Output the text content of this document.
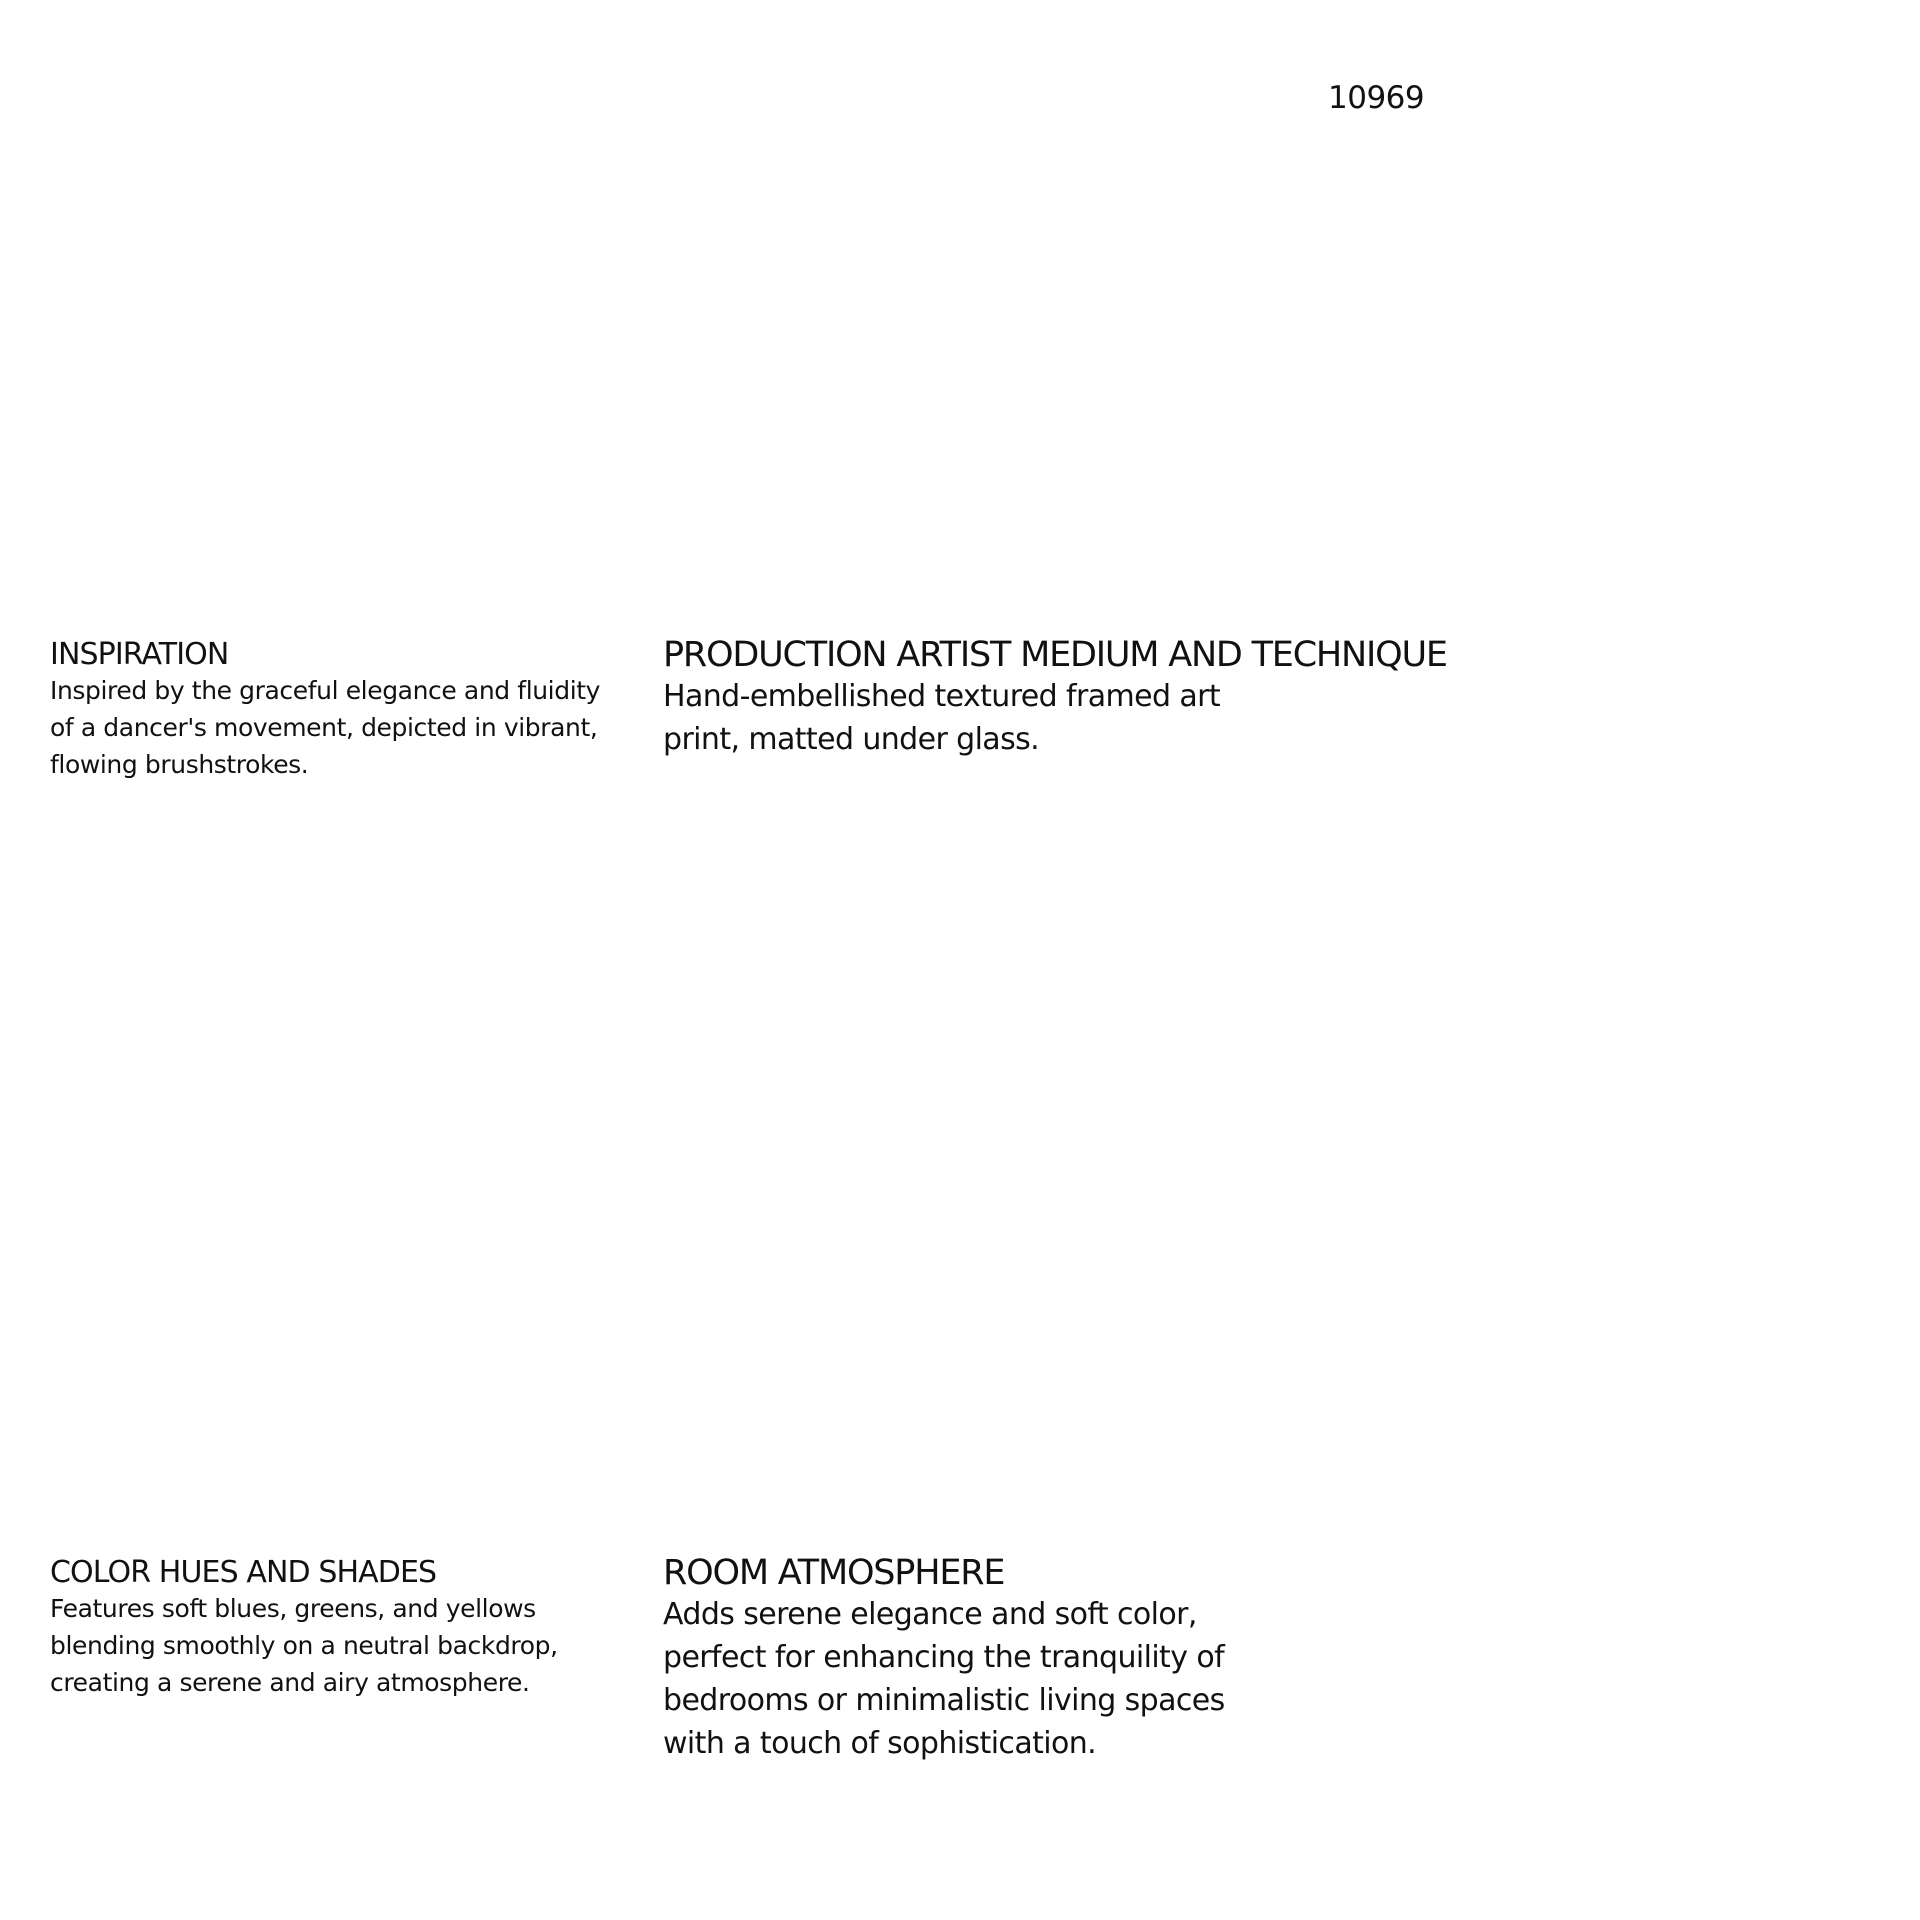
10969
INSPIRATION

Inspired by the graceful elegance and fluidity
of a dancer's movement, depicted in vibrant,
flowing brushstrokes.

PRODUCTION ARTIST MEDIUM AND TECHNIQUE

Hand-embellished textured framed art
print, matted under glass.

COLOR HUES AND SHADES

Features soft blues, greens, and yellows
blending smoothly on a neutral backdrop,
creating a serene and airy atmosphere.

ROOM ATMOSPHERE

Adds serene elegance and soft color,
perfect for enhancing the tranquility of
bedrooms or minimalistic living spaces
with a touch of sophistication.
